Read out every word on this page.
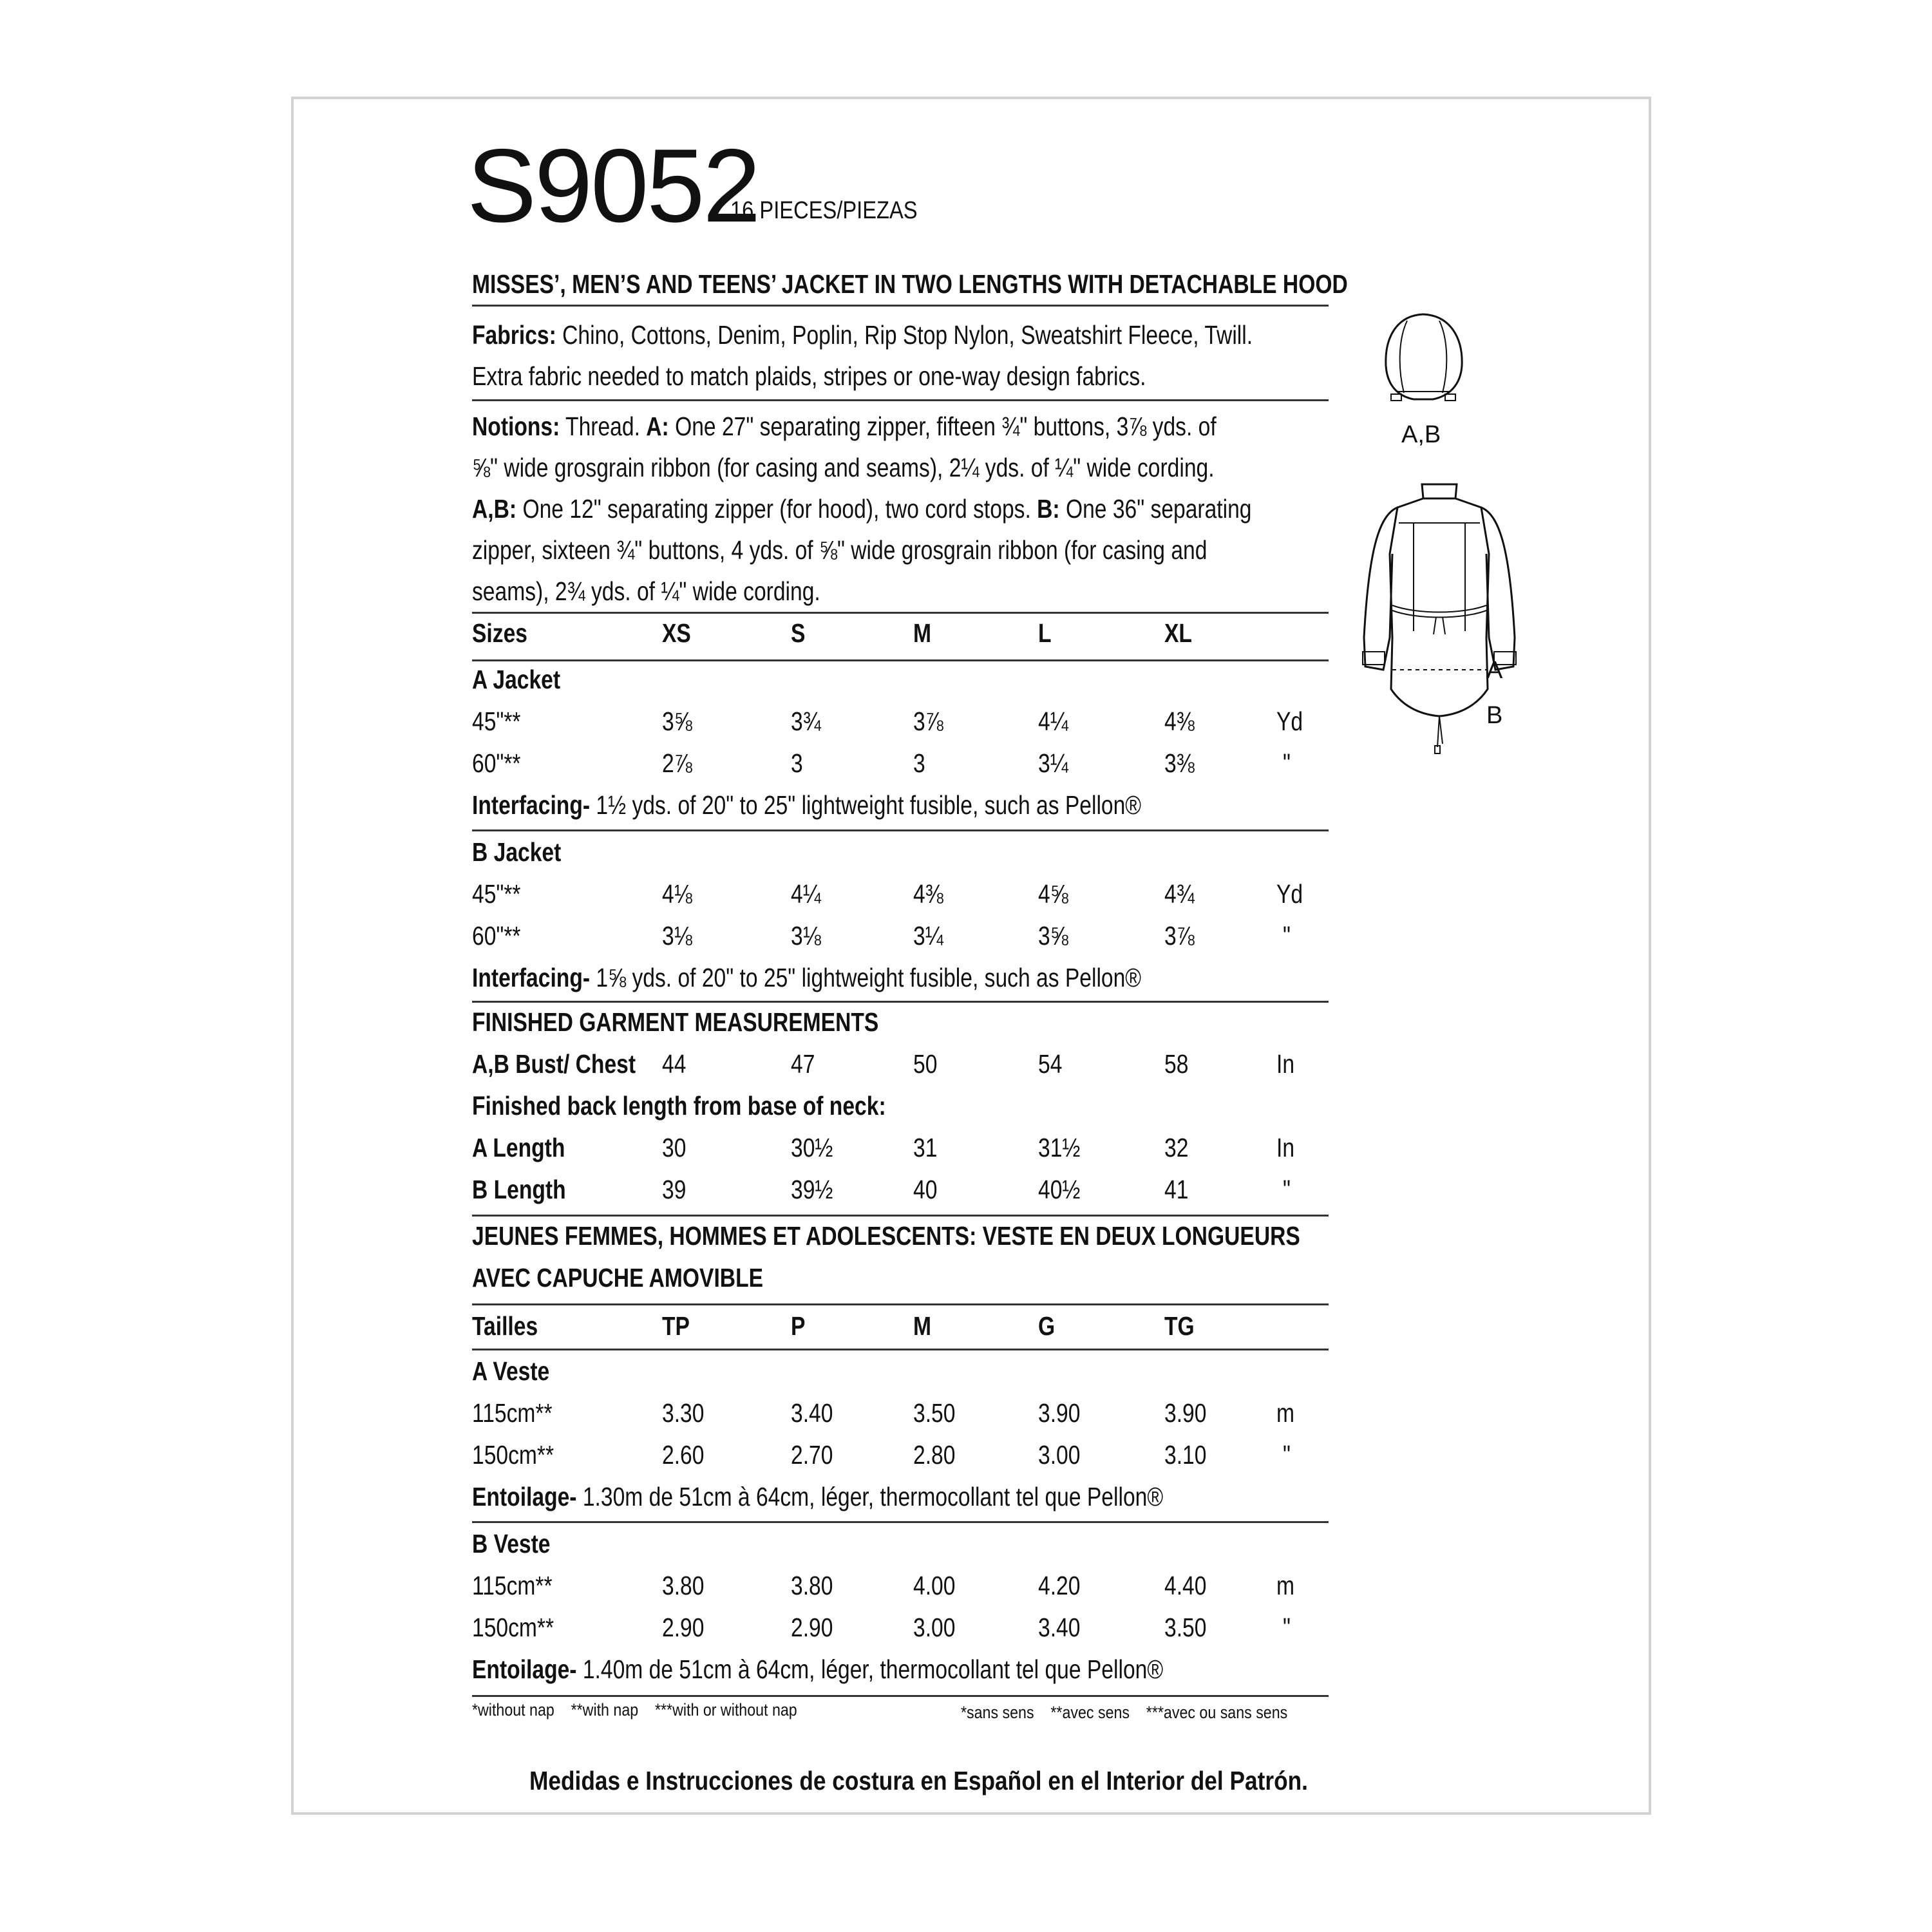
S9052
16 PIECES/PIEZAS
MISSES’, MEN’S AND TEENS’ JACKET IN TWO LENGTHS WITH DETACHABLE HOOD
Fabrics: Chino, Cottons, Denim, Poplin, Rip Stop Nylon, Sweatshirt Fleece, Twill.
Extra fabric needed to match plaids, stripes or one-way design fabrics.
Notions: Thread. A: One 27" separating zipper, fifteen ¾" buttons, 3⅞ yds. of
⅝" wide grosgrain ribbon (for casing and seams), 2¼ yds. of ¼" wide cording.
A,B: One 12" separating zipper (for hood), two cord stops. B: One 36" separating
zipper, sixteen ¾" buttons, 4 yds. of ⅝" wide grosgrain ribbon (for casing and
seams), 2¾ yds. of ¼" wide cording.
Sizes	XS	S	M	L	XL
A Jacket
45"**	3⅝	3¾	3⅞	4¼	4⅜	Yd
60"**	2⅞	3	3	3¼	3⅜	"
Interfacing- 1½ yds. of 20" to 25" lightweight fusible, such as Pellon®
B Jacket
45"**	4⅛	4¼	4⅜	4⅝	4¾	Yd
60"**	3⅛	3⅛	3¼	3⅝	3⅞	"
Interfacing- 1⅝ yds. of 20" to 25" lightweight fusible, such as Pellon®
FINISHED GARMENT MEASUREMENTS
A,B Bust/ Chest 44	47	50	54	58	In
Finished back length from base of neck:
A Length	30	30½	31	31½	32	In
B Length	39	39½	40	40½	41	"
JEUNES FEMMES, HOMMES ET ADOLESCENTS: VESTE EN DEUX LONGUEURS
AVEC CAPUCHE AMOVIBLE
Tailles	TP	P	M	G	TG
A Veste
115cm**	3.30	3.40	3.50	3.90	3.90	m
150cm**	2.60	2.70	2.80	3.00	3.10	"
Entoilage- 1.30m de 51cm à 64cm, léger, thermocollant tel que Pellon®
B Veste
115cm**	3.80	3.80	4.00	4.20	4.40	m
150cm**	2.90	2.90	3.00	3.40	3.50	"
Entoilage- 1.40m de 51cm à 64cm, léger, thermocollant tel que Pellon®
*without nap    **with nap    ***with or without nap	*sans sens    **avec sens    ***avec ou sans sens
Medidas e Instrucciones de costura en Español en el Interior del Patrón.
A,B
A
B
